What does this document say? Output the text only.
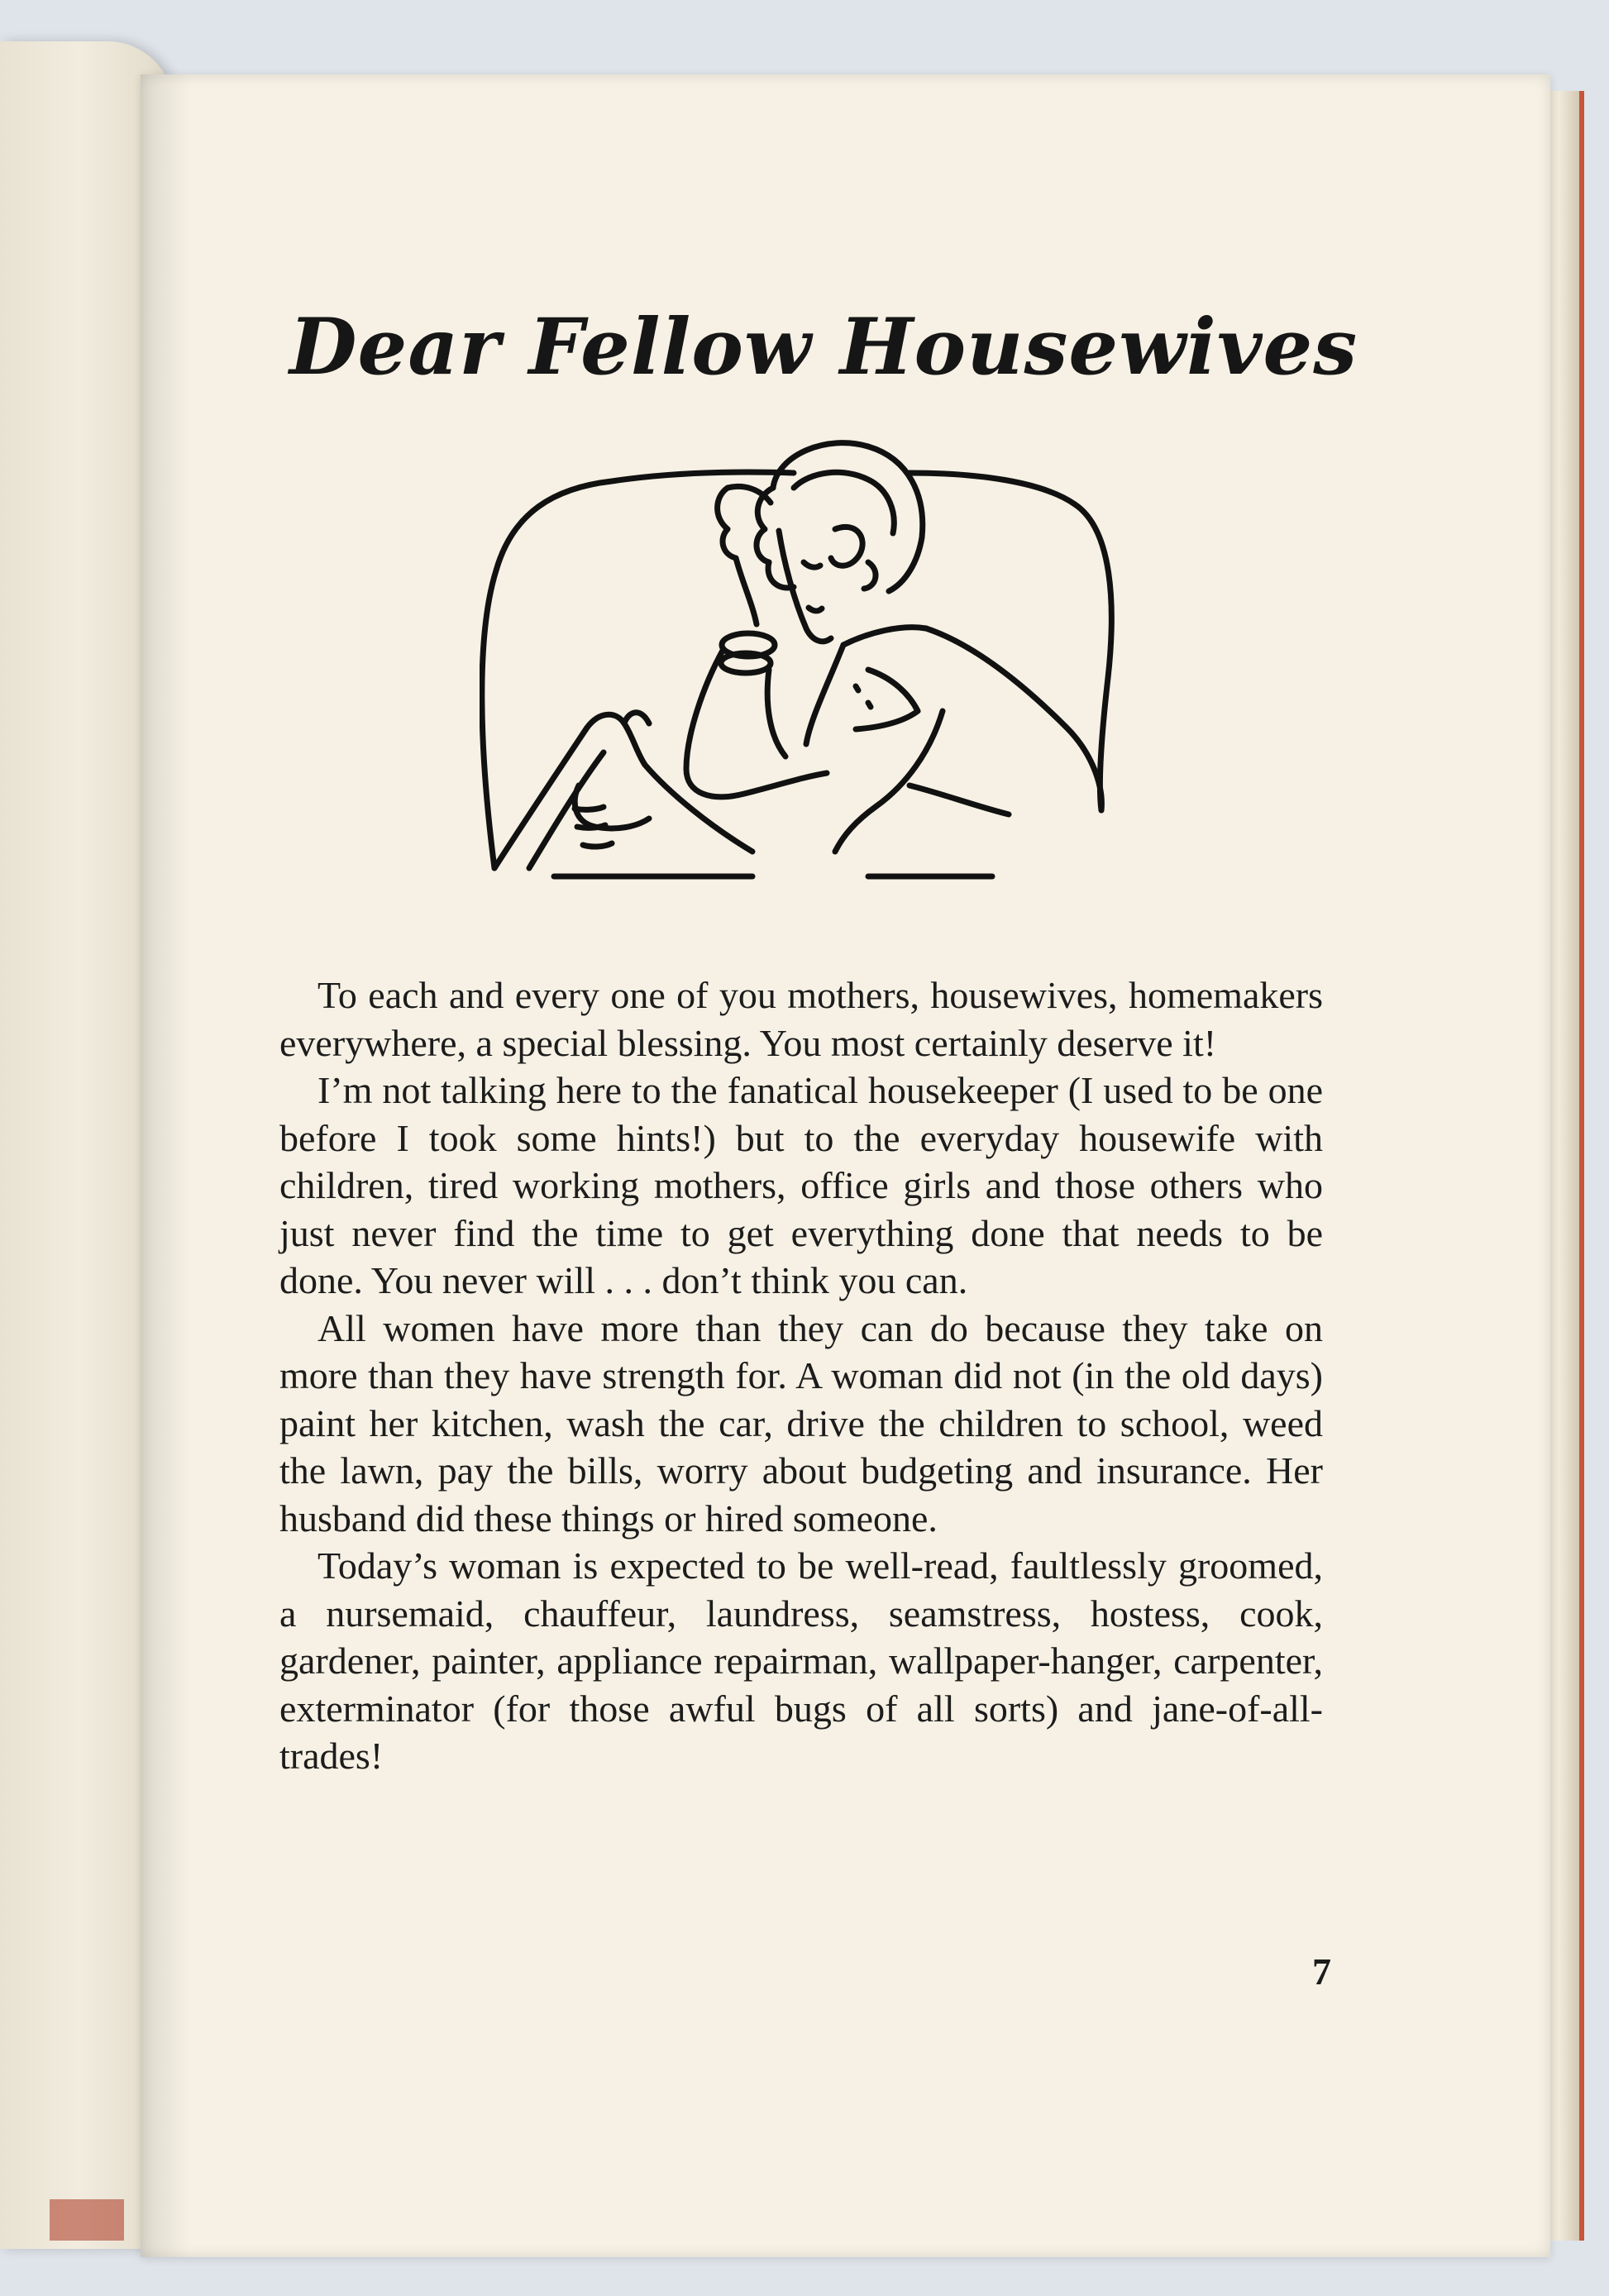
Dear Fellow Housewives

To each and every one of you mothers, housewives, homemakers everywhere, a special blessing. You most certainly deserve it!

I’m not talking here to the fanatical housekeeper (I used to be one before I took some hints!) but to the everyday housewife with children, tired working mothers, office girls and those others who just never find the time to get everything done that needs to be done. You never will . . . don’t think you can.

All women have more than they can do because they take on more than they have strength for. A woman did not (in the old days) paint her kitchen, wash the car, drive the children to school, weed the lawn, pay the bills, worry about budgeting and insurance. Her husband did these things or hired someone.

Today’s woman is expected to be well-read, faultlessly groomed, a nursemaid, chauffeur, laundress, seamstress, hostess, cook, gardener, painter, appliance repairman, wallpaper-hanger, carpenter, exterminator (for those awful bugs of all sorts) and jane-of-all-trades!

7
